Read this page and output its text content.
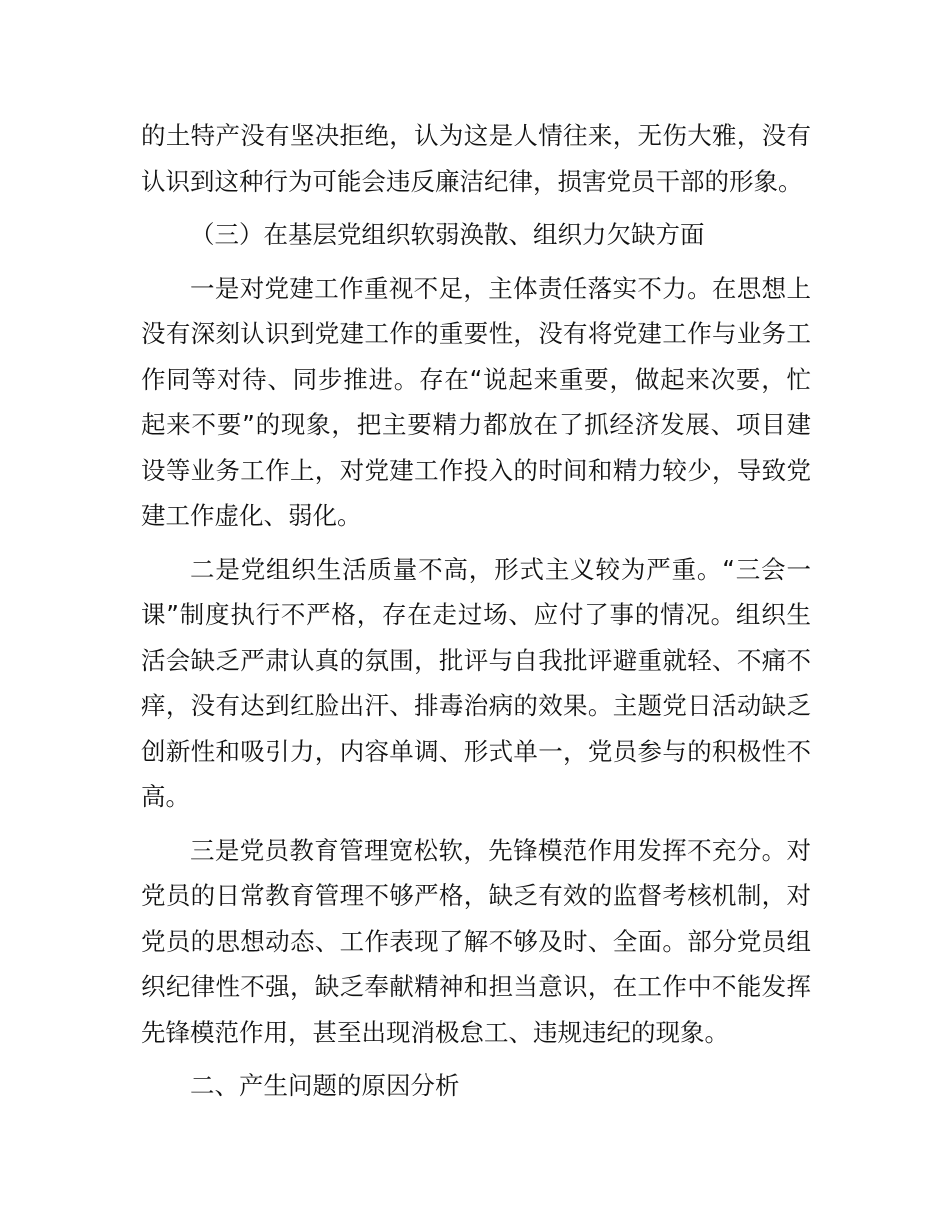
的土特产没有坚决拒绝，认为这是人情往来，无伤大雅，没有认识到这种行为可能会违反廉洁纪律，损害党员干部的形象。

（三）在基层党组织软弱涣散、组织力欠缺方面

一是对党建工作重视不足，主体责任落实不力。在思想上没有深刻认识到党建工作的重要性，没有将党建工作与业务工作同等对待、同步推进。存在“说起来重要，做起来次要，忙起来不要”的现象，把主要精力都放在了抓经济发展、项目建设等业务工作上，对党建工作投入的时间和精力较少，导致党建工作虚化、弱化。

二是党组织生活质量不高，形式主义较为严重。“三会一课”制度执行不严格，存在走过场、应付了事的情况。组织生活会缺乏严肃认真的氛围，批评与自我批评避重就轻、不痛不痒，没有达到红脸出汗、排毒治病的效果。主题党日活动缺乏创新性和吸引力，内容单调、形式单一，党员参与的积极性不高。

三是党员教育管理宽松软，先锋模范作用发挥不充分。对党员的日常教育管理不够严格，缺乏有效的监督考核机制，对党员的思想动态、工作表现了解不够及时、全面。部分党员组织纪律性不强，缺乏奉献精神和担当意识，在工作中不能发挥先锋模范作用，甚至出现消极怠工、违规违纪的现象。

二、产生问题的原因分析
